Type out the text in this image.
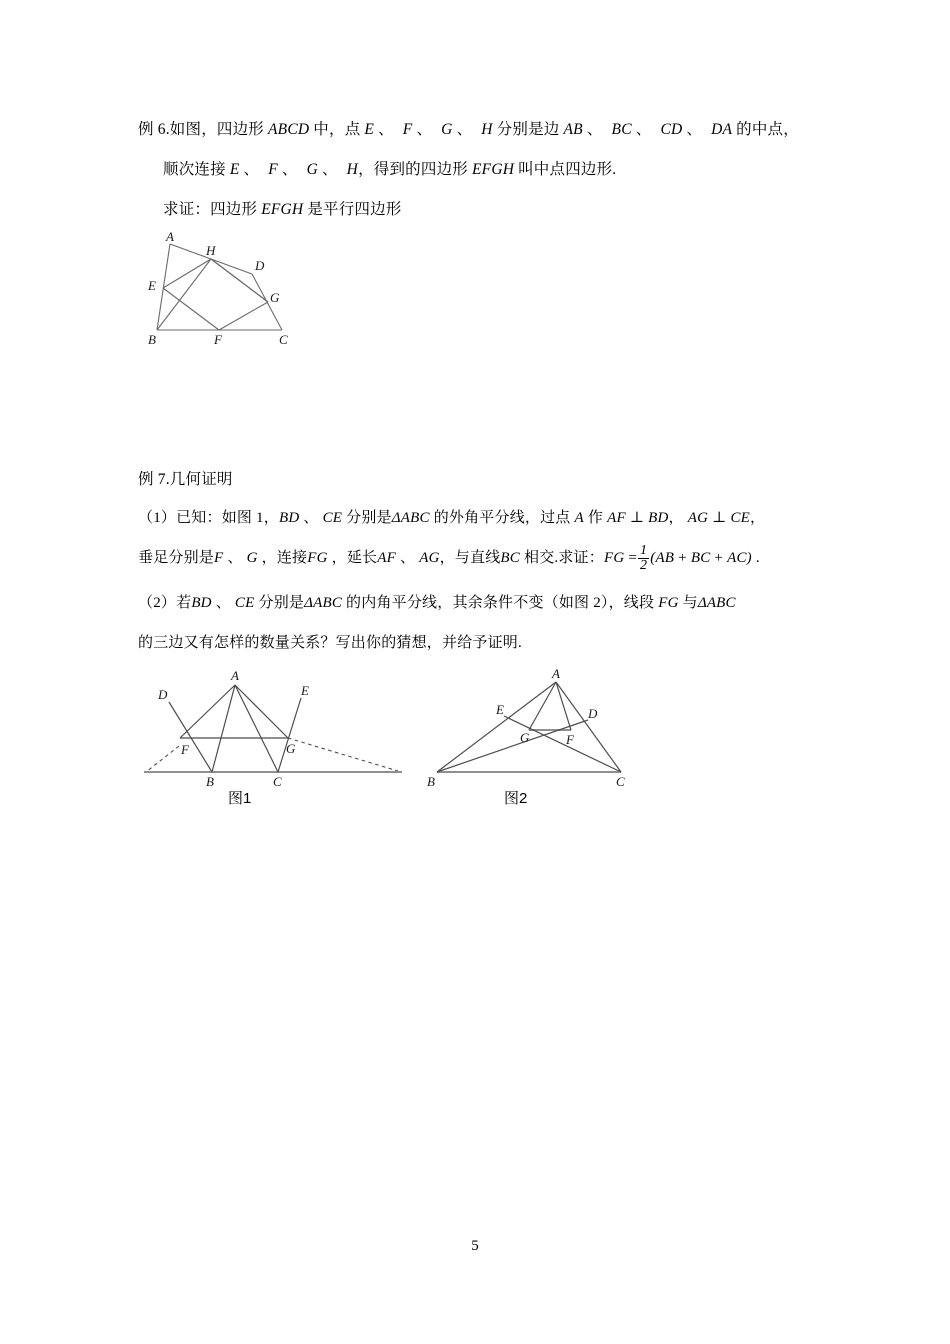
例 6.如图，四边形 ABCD 中，点 E 、 F 、 G 、 H 分别是边 AB 、 BC 、 CD 、 DA 的中点，
顺次连接 E 、 F 、 G 、 H，得到的四边形 EFGH 叫中点四边形.
求证：四边形 EFGH 是平行四边形
A
B	C
D
E
F
G
H
例 7.几何证明
（1）已知：如图 1，BD 、 CE 分别是ΔABC 的外角平分线，过点 A 作 AF ⊥ BD， AG ⊥ CE，
垂足分别是F 、 G ，连接FG ，延长AF 、 AG，与直线BC 相交.求证：FG = $\frac{1}{2} (AB$ + BC + AC) .
（2）若BD 、 CE 分别是ΔABC 的内角平分线，其余条件不变（如图 2），线段 FG 与ΔABC
的三边又有怎样的数量关系？写出你的猜想，并给予证明.
A
B	C
D	E
F	G
图1
A
B	C
D
E
F
G
图2
5
